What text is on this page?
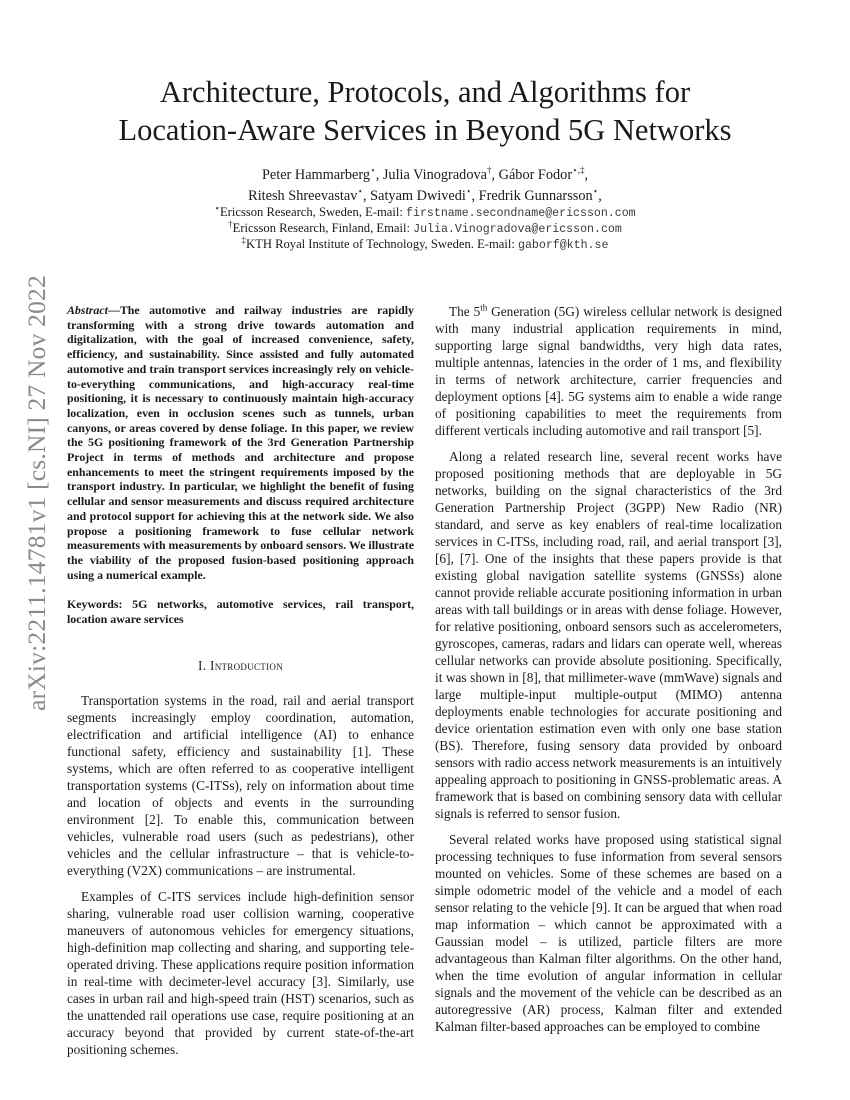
arXiv:2211.14781v1 [cs.NI] 27 Nov 2022
Architecture, Protocols, and Algorithms for
Location-Aware Services in Beyond 5G Networks
Peter Hammarberg⋆, Julia Vinogradova†, Gábor Fodor⋆,‡,
Ritesh Shreevastav⋆, Satyam Dwivedi⋆, Fredrik Gunnarsson⋆,
⋆Ericsson Research, Sweden, E-mail: firstname.secondname@ericsson.com
†Ericsson Research, Finland, Email: Julia.Vinogradova@ericsson.com
‡KTH Royal Institute of Technology, Sweden. E-mail: gaborf@kth.se

Abstract—The automotive and railway industries are rapidly transforming with a strong drive towards automation and digitalization, with the goal of increased convenience, safety, efficiency, and sustainability. Since assisted and fully automated automotive and train transport services increasingly rely on vehicle-to-everything communications, and high-accuracy real-time positioning, it is necessary to continuously maintain high-accuracy localization, even in occlusion scenes such as tunnels, urban canyons, or areas covered by dense foliage. In this paper, we review the 5G positioning framework of the 3rd Generation Partnership Project in terms of methods and architecture and propose enhancements to meet the stringent requirements imposed by the transport industry. In particular, we highlight the benefit of fusing cellular and sensor measurements and discuss required architecture and protocol support for achieving this at the network side. We also propose a positioning framework to fuse cellular network measurements with measurements by onboard sensors. We illustrate the viability of the proposed fusion-based positioning approach using a numerical example.

Keywords: 5G networks, automotive services, rail transport, location aware services

I. Introduction

Transportation systems in the road, rail and aerial transport segments increasingly employ coordination, automation, electrification and artificial intelligence (AI) to enhance functional safety, efficiency and sustainability [1]. These systems, which are often referred to as cooperative intelligent transportation systems (C-ITSs), rely on information about time and location of objects and events in the surrounding environment [2]. To enable this, communication between vehicles, vulnerable road users (such as pedestrians), other vehicles and the cellular infrastructure – that is vehicle-to-everything (V2X) communications – are instrumental.

Examples of C-ITS services include high-definition sensor sharing, vulnerable road user collision warning, cooperative maneuvers of autonomous vehicles for emergency situations, high-definition map collecting and sharing, and supporting tele-operated driving. These applications require position information in real-time with decimeter-level accuracy [3]. Similarly, use cases in urban rail and high-speed train (HST) scenarios, such as the unattended rail operations use case, require positioning at an accuracy beyond that provided by current state-of-the-art positioning schemes.

The 5th Generation (5G) wireless cellular network is designed with many industrial application requirements in mind, supporting large signal bandwidths, very high data rates, multiple antennas, latencies in the order of 1 ms, and flexibility in terms of network architecture, carrier frequencies and deployment options [4]. 5G systems aim to enable a wide range of positioning capabilities to meet the requirements from different verticals including automotive and rail transport [5].

Along a related research line, several recent works have proposed positioning methods that are deployable in 5G networks, building on the signal characteristics of the 3rd Generation Partnership Project (3GPP) New Radio (NR) standard, and serve as key enablers of real-time localization services in C-ITSs, including road, rail, and aerial transport [3], [6], [7]. One of the insights that these papers provide is that existing global navigation satellite systems (GNSSs) alone cannot provide reliable accurate positioning information in urban areas with tall buildings or in areas with dense foliage. However, for relative positioning, onboard sensors such as accelerometers, gyroscopes, cameras, radars and lidars can operate well, whereas cellular networks can provide absolute positioning. Specifically, it was shown in [8], that millimeter-wave (mmWave) signals and large multiple-input multiple-output (MIMO) antenna deployments enable technologies for accurate positioning and device orientation estimation even with only one base station (BS). Therefore, fusing sensory data provided by onboard sensors with radio access network measurements is an intuitively appealing approach to positioning in GNSS-problematic areas. A framework that is based on combining sensory data with cellular signals is referred to sensor fusion.

Several related works have proposed using statistical signal processing techniques to fuse information from several sensors mounted on vehicles. Some of these schemes are based on a simple odometric model of the vehicle and a model of each sensor relating to the vehicle [9]. It can be argued that when road map information – which cannot be approximated with a Gaussian model – is utilized, particle filters are more advantageous than Kalman filter algorithms. On the other hand, when the time evolution of angular information in cellular signals and the movement of the vehicle can be described as an autoregressive (AR) process, Kalman filter and extended Kalman filter-based approaches can be employed to combine
